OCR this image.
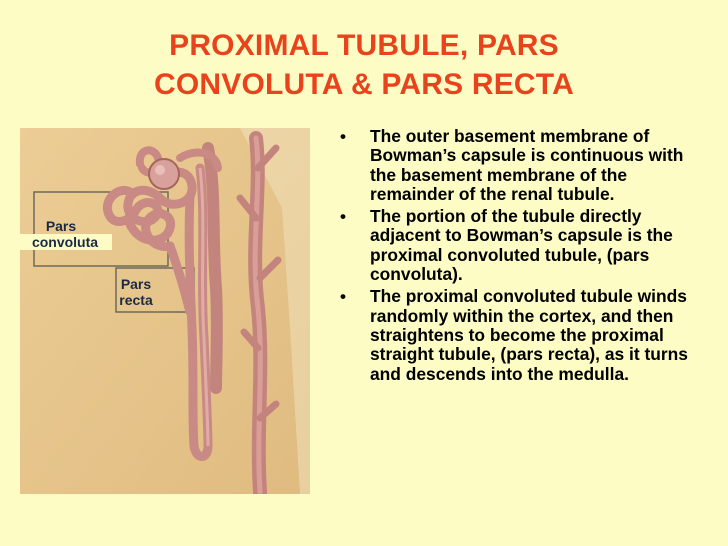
PROXIMAL TUBULE, PARS
CONVOLUTA & PARS RECTA
Pars
convoluta
Pars
recta
• The outer basement membrane of Bowman’s capsule is continuous with the basement membrane of the remainder of the renal tubule.
• The portion of the tubule directly adjacent to Bowman’s capsule is the proximal convoluted tubule, (pars convoluta).
• The proximal convoluted tubule winds randomly within the cortex, and then straightens to become the proximal straight tubule, (pars recta), as it turns and descends into the medulla.
